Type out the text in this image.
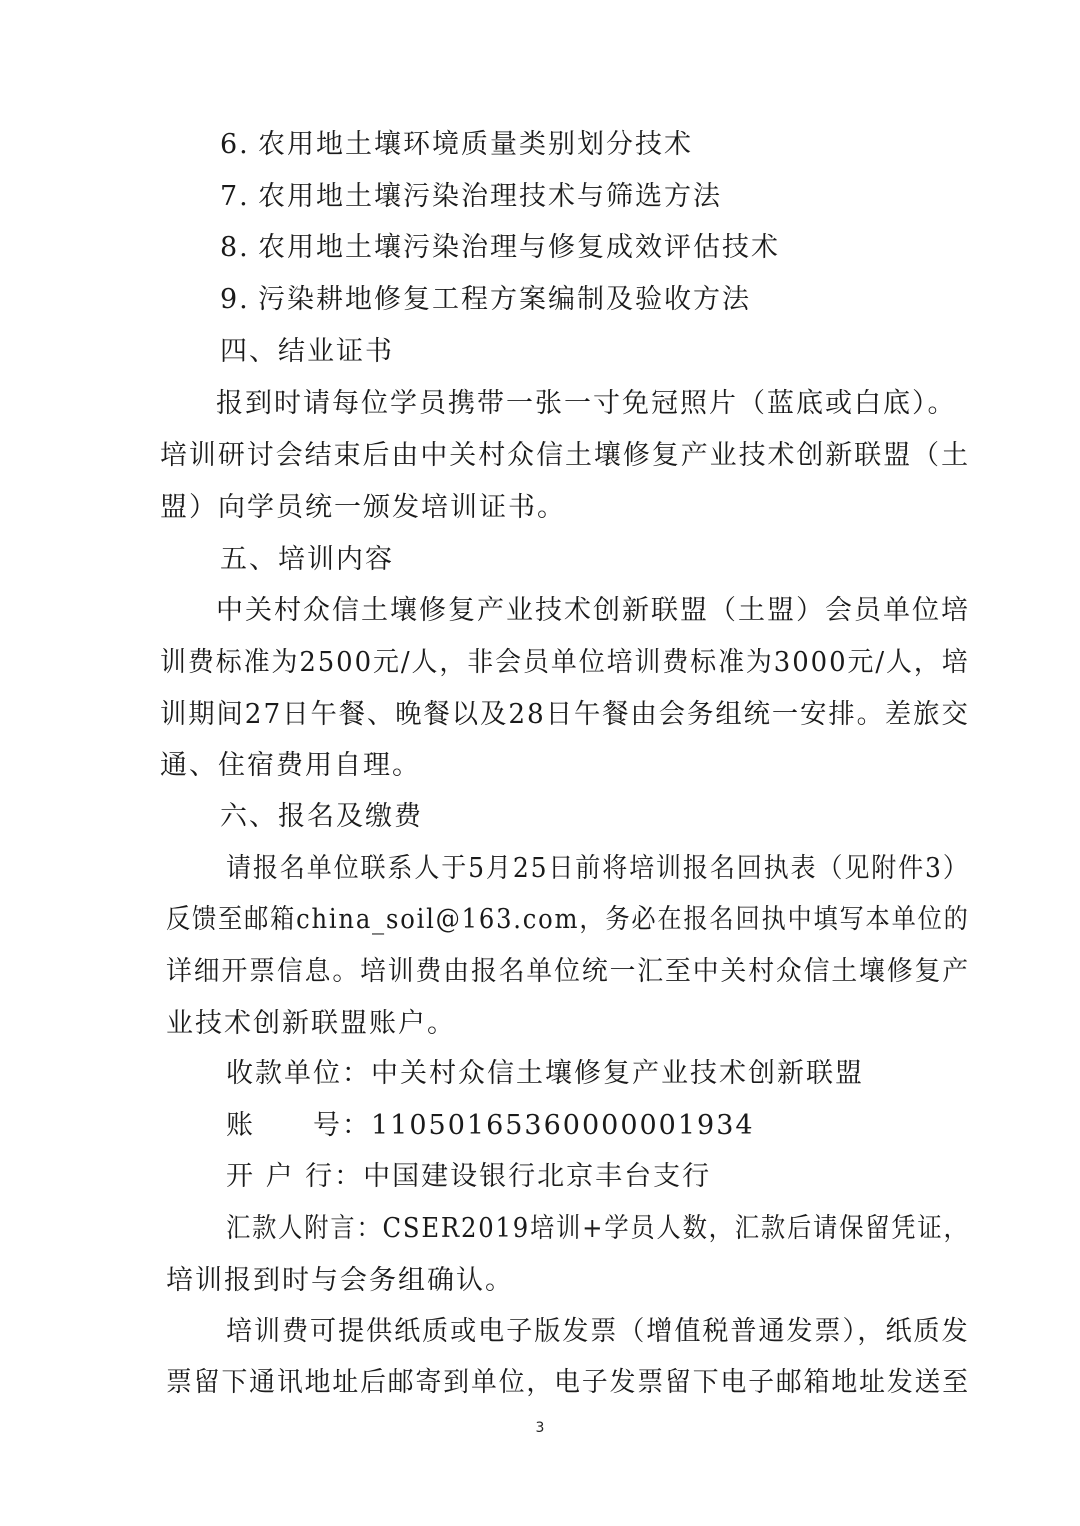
6. 农用地土壤环境质量类别划分技术
7. 农用地土壤污染治理技术与筛选方法
8. 农用地土壤污染治理与修复成效评估技术
9. 污染耕地修复工程方案编制及验收方法
四、结业证书
报到时请每位学员携带一张一寸免冠照片（蓝底或白底）。
培训研讨会结束后由中关村众信土壤修复产业技术创新联盟（土
盟）向学员统一颁发培训证书。
五、培训内容
中关村众信土壤修复产业技术创新联盟（土盟）会员单位培
训费标准为2500元/人，非会员单位培训费标准为3000元/人，培
训期间27日午餐、晚餐以及28日午餐由会务组统一安排。差旅交
通、住宿费用自理。
六、报名及缴费
请报名单位联系人于5月25日前将培训报名回执表（见附件3）
反馈至邮箱china_soil@163.com，务必在报名回执中填写本单位的
详细开票信息。培训费由报名单位统一汇至中关村众信土壤修复产
业技术创新联盟账户。
收款单位：中关村众信土壤修复产业技术创新联盟
账　　号：11050165360000001934
开 户 行：中国建设银行北京丰台支行
汇款人附言：CSER2019培训+学员人数，汇款后请保留凭证，
培训报到时与会务组确认。
培训费可提供纸质或电子版发票（增值税普通发票），纸质发
票留下通讯地址后邮寄到单位，电子发票留下电子邮箱地址发送至
3
